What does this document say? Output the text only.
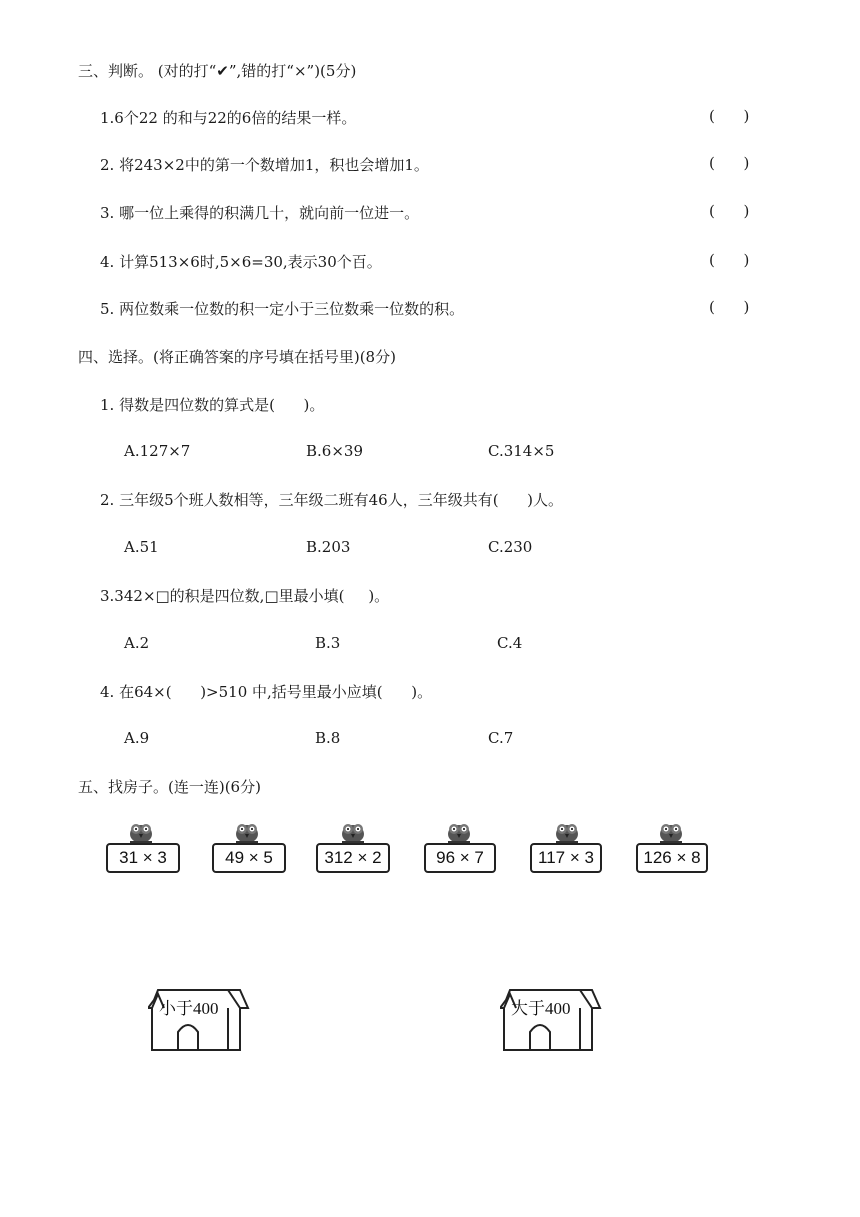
三、判断。 (对的打“✔”,错的打“×”)(5分)
1.6个22 的和与22的6倍的结果一样。	(      )
2. 将243×2中的第一个数增加1，积也会增加1。	(      )
3. 哪一位上乘得的积满几十，就向前一位进一。	(      )
4. 计算513×6时,5×6=30,表示30个百。	(      )
5. 两位数乘一位数的积一定小于三位数乘一位数的积。	(      )
四、选择。(将正确答案的序号填在括号里)(8分)
1. 得数是四位数的算式是(      )。
A.127×7	B.6×39	C.314×5
2. 三年级5个班人数相等，三年级二班有46人，三年级共有(      )人。
A.51	B.203	C.230
3.342×□的积是四位数,□里最小填(     )。
A.2	B.3	C.4
4. 在64×(      )>510 中,括号里最小应填(      )。
A.9	B.8	C.7
五、找房子。(连一连)(6分)
31 × 3	49 × 5	312 × 2	96 × 7	117 × 3	126 × 8
小于400	大于400
